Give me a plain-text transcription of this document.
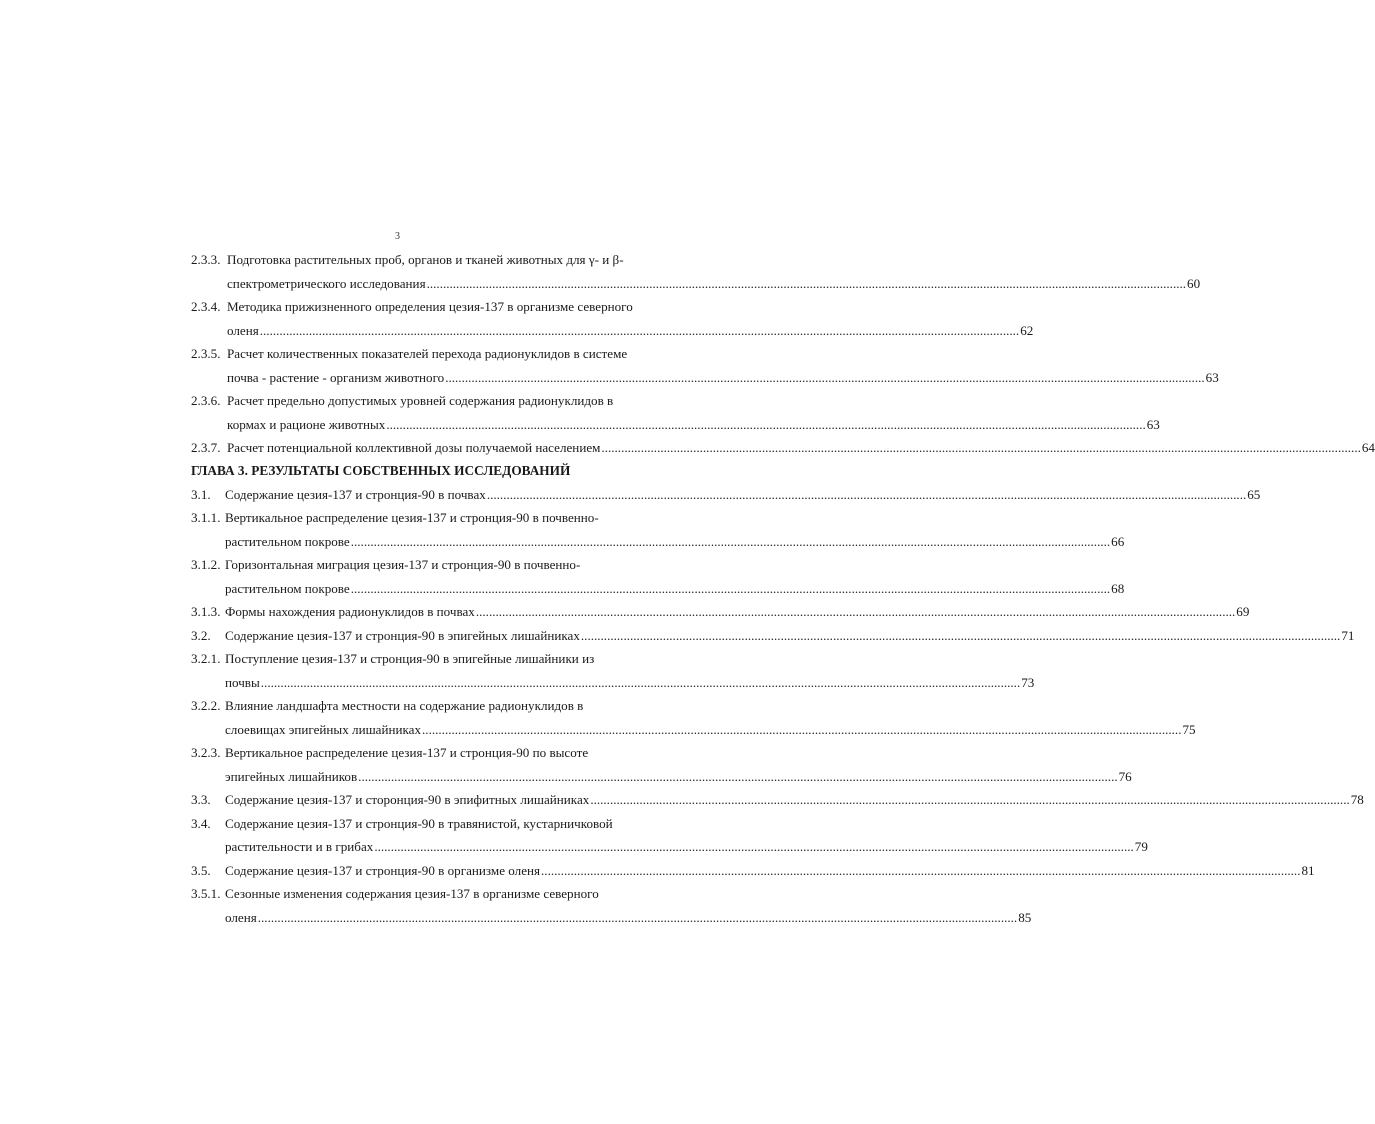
3
2.3.3. Подготовка растительных проб, органов и тканей животных для γ- и β-
спектрометрического исследования .....	60
2.3.4. Методика прижизненного определения цезия-137 в организме северного
оленя .....	62
2.3.5. Расчет количественных показателей перехода радионуклидов в системе
почва - растение - организм животного .....	63
2.3.6. Расчет предельно допустимых уровней содержания радионуклидов в
кормах и рационе животных .....	63
2.3.7. Расчет потенциальной коллективной дозы получаемой населением .....	64
ГЛАВА 3. РЕЗУЛЬТАТЫ СОБСТВЕННЫХ ИССЛЕДОВАНИЙ
3.1.	Содержание цезия-137 и стронция-90 в почвах .....	65
3.1.1. Вертикальное распределение цезия-137 и стронция-90 в почвенно-
растительном покрове .....	66
3.1.2. Горизонтальная миграция цезия-137 и стронция-90 в почвенно-
растительном покрове .....	68
3.1.3. Формы нахождения радионуклидов в почвах .....	69
3.2.	Содержание цезия-137 и стронция-90 в эпигейных лишайниках .....	71
3.2.1. Поступление цезия-137 и стронция-90 в эпигейные лишайники из
почвы .....	73
3.2.2. Влияние ландшафта местности на содержание радионуклидов в
слоевищах эпигейных лишайниках .....	75
3.2.3. Вертикальное распределение цезия-137 и стронция-90 по высоте
эпигейных лишайников .....	76
3.3.	Содержание цезия-137 и сторонция-90 в эпифитных лишайниках .....	78
3.4.	Содержание цезия-137 и стронция-90 в травянистой, кустарничковой
растительности и в грибах .....	79
3.5.	Содержание цезия-137 и стронция-90 в организме оленя .....	81
3.5.1. Сезонные изменения содержания цезия-137 в организме северного
оленя .....	85
